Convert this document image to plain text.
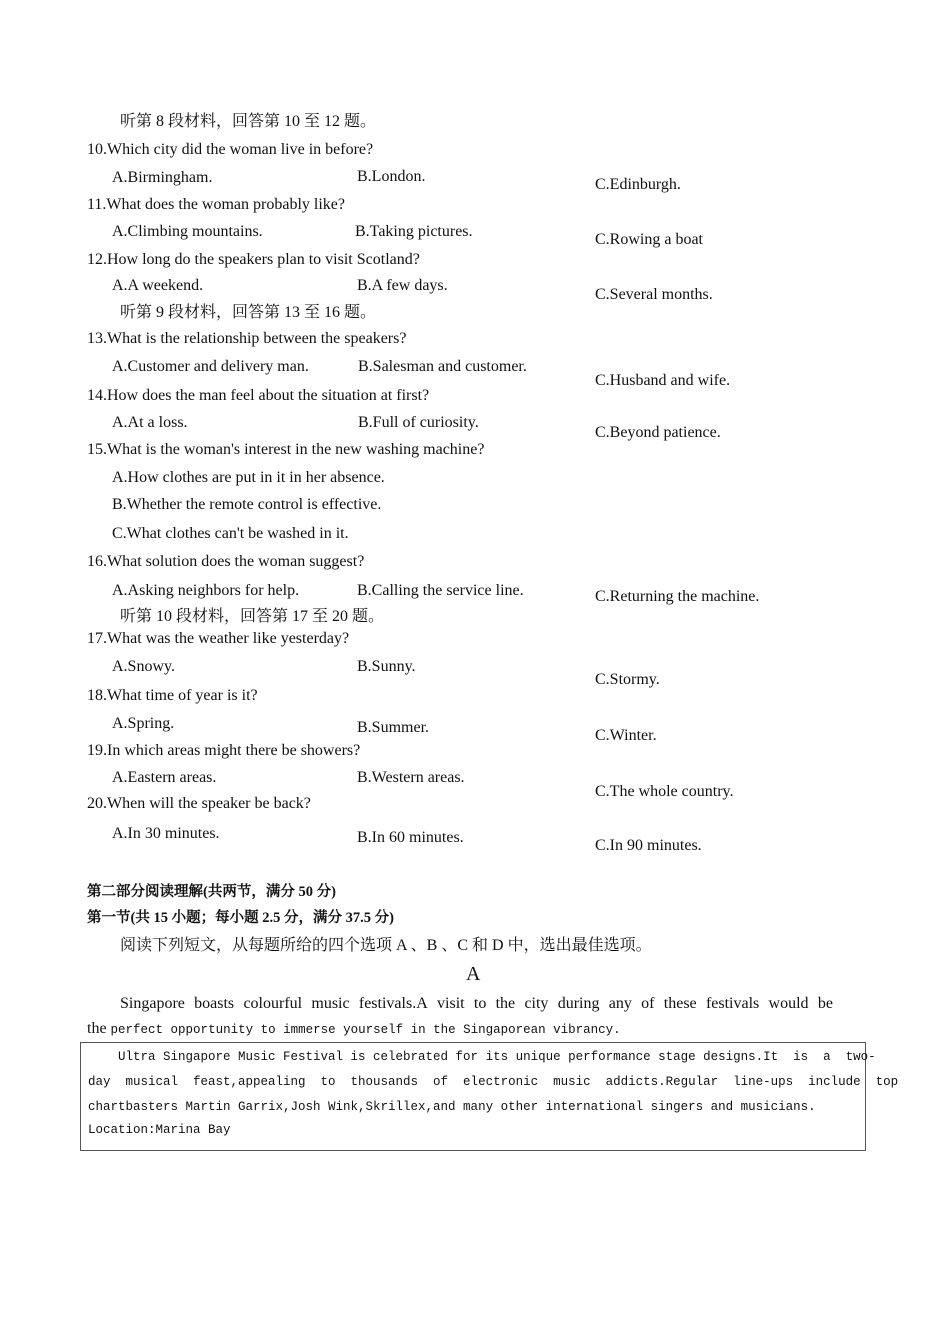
听第 8 段材料，回答第 10 至 12 题。
10.Which city did the woman live in before?
A.Birmingham.	B.London.	C.Edinburgh.
11.What does the woman probably like?
A.Climbing mountains.	B.Taking pictures.	C.Rowing a boat
12.How long do the speakers plan to visit Scotland?
A.A weekend.	B.A few days.
C.Several months.
听第 9 段材料，回答第 13 至 16 题。
13.What is the relationship between the speakers?
A.Customer and delivery man.	B.Salesman and customer.
C.Husband and wife.
14.How does the man feel about the situation at first?
A.At a loss.	B.Full of curiosity.
C.Beyond patience.
15.What is the woman's interest in the new washing machine?
A.How clothes are put in it in her absence.
B.Whether the remote control is effective.
C.What clothes can't be washed in it.
16.What solution does the woman suggest?
A.Asking neighbors for help.	B.Calling the service line.	C.Returning the machine.
听第 10 段材料，回答第 17 至 20 题。
17.What was the weather like yesterday?
A.Snowy.	B.Sunny.
C.Stormy.
18.What time of year is it?
A.Spring.	B.Summer.	C.Winter.
19.In which areas might there be showers?
A.Eastern areas.	B.Western areas.
C.The whole country.
20.When will the speaker be back?
A.In 30 minutes.	B.In 60 minutes.	C.In 90 minutes.
第二部分阅读理解(共两节，满分 50 分)
第一节(共 15 小题；每小题 2.5 分，满分 37.5 分)
阅读下列短文，从每题所给的四个选项 A 、B 、C 和 D 中，选出最佳选项。
A
Singapore boasts colourful music festivals.A visit to the city during any of these festivals would be
the perfect opportunity to immerse yourself in the Singaporean vibrancy.
Ultra Singapore Music Festival is celebrated for its unique performance stage designs.It  is  a  two-
day  musical  feast,appealing  to  thousands  of  electronic  music  addicts.Regular  line-ups  include  top
chartbasters Martin Garrix,Josh Wink,Skrillex,and many other international singers and musicians.
Location:Marina Bay
